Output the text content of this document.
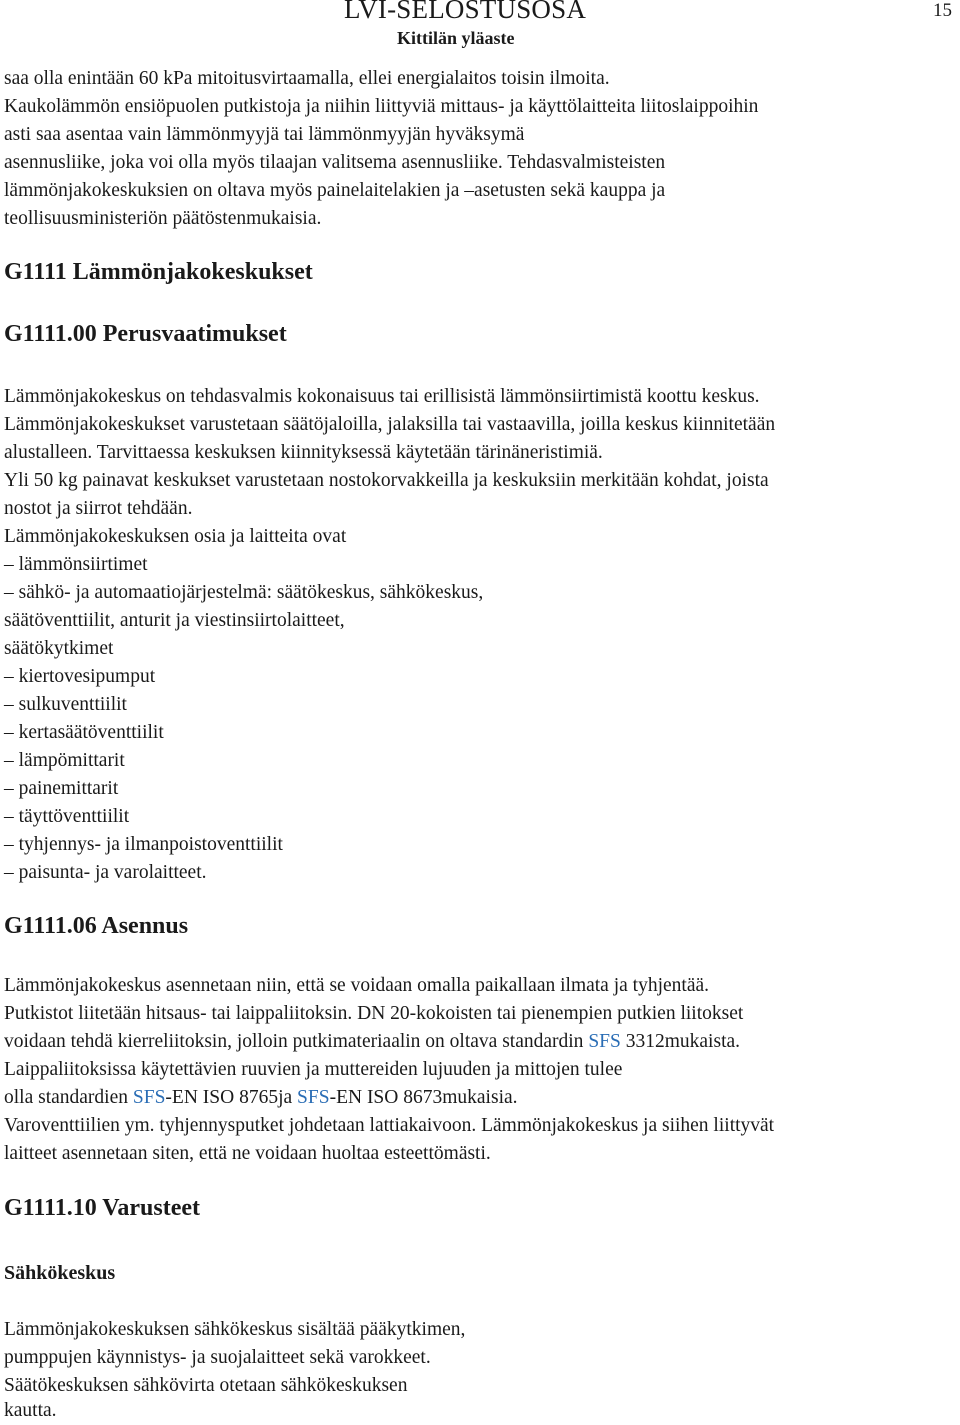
LVI-SELOSTUSOSA
Kittilän yläaste
15
saa olla enintään 60 kPa mitoitusvirtaamalla, ellei energialaitos toisin ilmoita.
Kaukolämmön ensiöpuolen putkistoja ja niihin liittyviä mittaus- ja käyttölaitteita liitoslaippoihin
asti saa asentaa vain lämmönmyyjä tai lämmönmyyjän hyväksymä
asennusliike, joka voi olla myös tilaajan valitsema asennusliike. Tehdasvalmisteisten
lämmönjakokeskuksien on oltava myös painelaitelakien ja –asetusten sekä kauppa ja
teollisuusministeriön päätöstenmukaisia.
G1111 Lämmönjakokeskukset
G1111.00 Perusvaatimukset
Lämmönjakokeskus on tehdasvalmis kokonaisuus tai erillisistä lämmönsiirtimistä koottu keskus.
Lämmönjakokeskukset varustetaan säätöjaloilla, jalaksilla tai vastaavilla, joilla keskus kiinnitetään
alustalleen. Tarvittaessa keskuksen kiinnityksessä käytetään tärinäneristimiä.
Yli 50 kg painavat keskukset varustetaan nostokorvakkeilla ja keskuksiin merkitään kohdat, joista
nostot ja siirrot tehdään.
Lämmönjakokeskuksen osia ja laitteita ovat
– lämmönsiirtimet
– sähkö- ja automaatiojärjestelmä: säätökeskus, sähkökeskus,
säätöventtiilit, anturit ja viestinsiirtolaitteet,
säätökytkimet
– kiertovesipumput
– sulkuventtiilit
– kertasäätöventtiilit
– lämpömittarit
– painemittarit
– täyttöventtiilit
– tyhjennys- ja ilmanpoistoventtiilit
– paisunta- ja varolaitteet.
G1111.06 Asennus
Lämmönjakokeskus asennetaan niin, että se voidaan omalla paikallaan ilmata ja tyhjentää.
Putkistot liitetään hitsaus- tai laippaliitoksin. DN 20-kokoisten tai pienempien putkien liitokset
voidaan tehdä kierreliitoksin, jolloin putkimateriaalin on oltava standardin SFS 3312mukaista.
Laippaliitoksissa käytettävien ruuvien ja muttereiden lujuuden ja mittojen tulee
olla standardien SFS-EN ISO 8765ja SFS-EN ISO 8673mukaisia.
Varoventtiilien ym. tyhjennysputket johdetaan lattiakaivoon. Lämmönjakokeskus ja siihen liittyvät
laitteet asennetaan siten, että ne voidaan huoltaa esteettömästi.
G1111.10 Varusteet
Sähkökeskus
Lämmönjakokeskuksen sähkökeskus sisältää pääkytkimen,
pumppujen käynnistys- ja suojalaitteet sekä varokkeet.
Säätökeskuksen sähkövirta otetaan sähkökeskuksen
kautta.
